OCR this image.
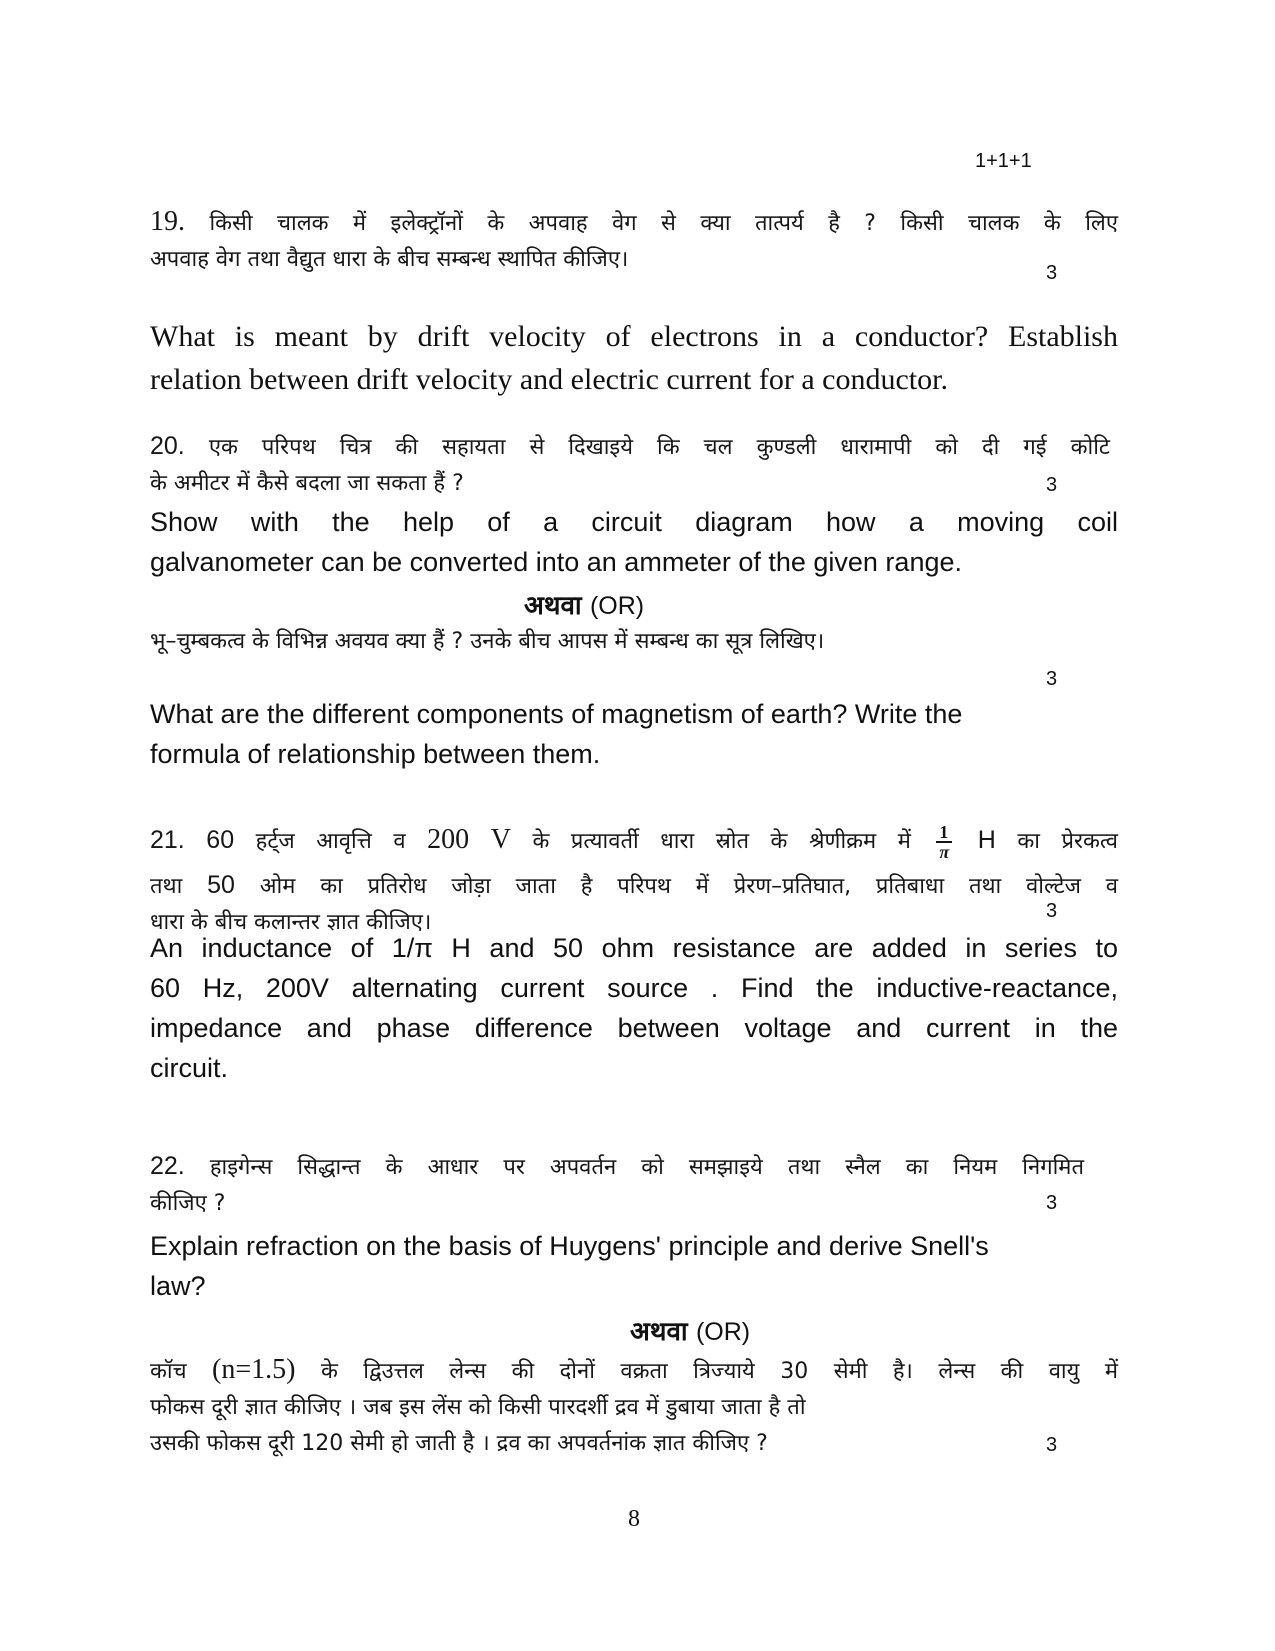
1+1+1
19. किसी चालक में इलेक्ट्रॉनों के अपवाह वेग से क्या तात्पर्य है ? किसी चालक के लिए
अपवाह वेग तथा वैद्युत धारा के बीच सम्बन्ध स्थापित कीजिए।
3
What is meant by drift velocity of electrons in a conductor? Establish
relation between drift velocity and electric current for a conductor.
20. एक परिपथ चित्र की सहायता से दिखाइये कि चल कुण्डली धारामापी को दी गई कोटि
के अमीटर में कैसे बदला जा सकता हैं ?	3
Show with the help of a circuit diagram how a moving coil
galvanometer can be converted into an ammeter of the given range.
अथवा (OR)
भू–चुम्बकत्व के विभिन्न अवयव क्या हैं ? उनके बीच आपस में सम्बन्ध का सूत्र लिखिए।
3
What are the different components of magnetism of earth? Write the
formula of relationship between them.
21. 60 हर्ट्ज आवृत्ति व 200 V के प्रत्यावर्ती धारा स्रोत के श्रेणीक्रम में $\frac{1}{\pi}$ H का प्रेरकत्व
तथा 50 ओम का प्रतिरोध जोड़ा जाता है परिपथ में प्रेरण–प्रतिघात, प्रतिबाधा तथा वोल्टेज व
धारा के बीच कलान्तर ज्ञात कीजिए।	3
An inductance of 1/π H and 50 ohm resistance are added in series to
60 Hz, 200V alternating current source . Find the inductive-reactance,
impedance and phase difference between voltage and current in the
circuit.
22. हाइगेन्स सिद्धान्त के आधार पर अपवर्तन को समझाइये तथा स्नैल का नियम निगमित
कीजिए ?	3
Explain refraction on the basis of Huygens' principle and derive Snell's
law?
अथवा (OR)
कॉच (n=1.5) के द्विउत्तल लेन्स की दोनों वक्रता त्रिज्याये 30 सेमी है। लेन्स की वायु में
फोकस दूरी ज्ञात कीजिए । जब इस लेंस को किसी पारदर्शी द्रव में डुबाया जाता है तो
उसकी फोकस दूरी 120 सेमी हो जाती है । द्रव का अपवर्तनांक ज्ञात कीजिए ?	3
8
